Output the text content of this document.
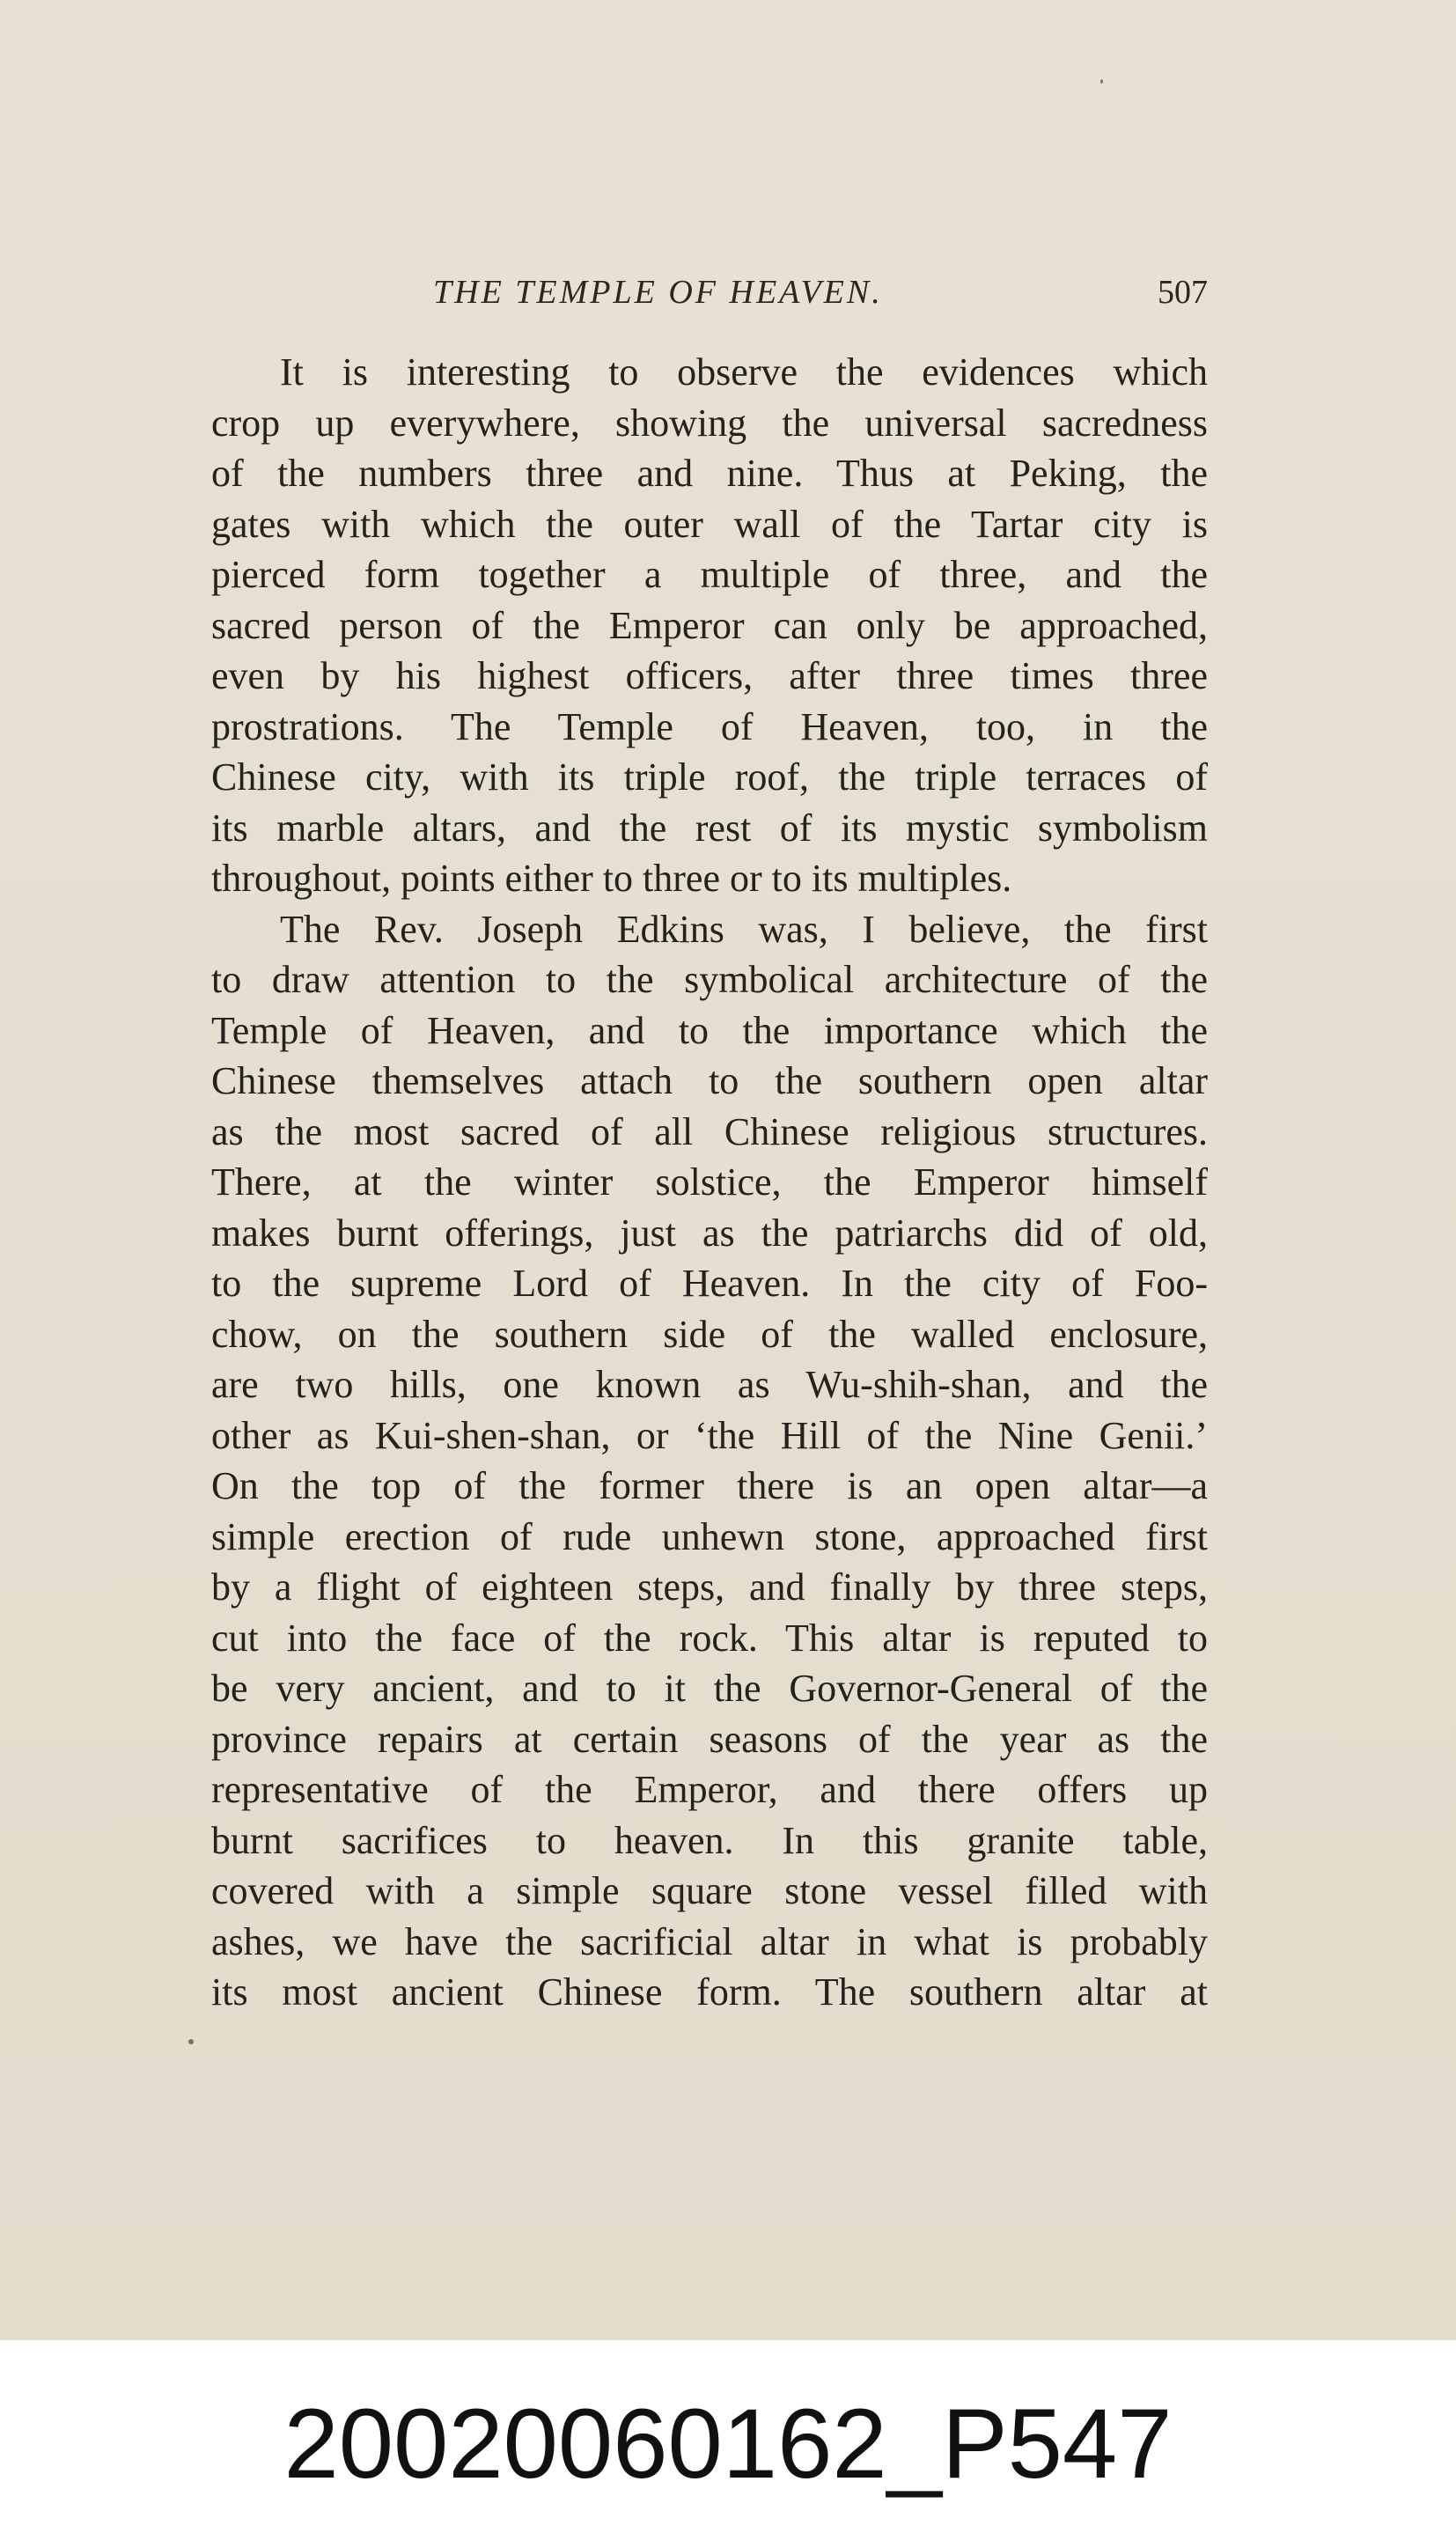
THE TEMPLE OF HEAVEN.	507
It is interesting to observe the evidences which
crop up everywhere, showing the universal sacredness
of the numbers three and nine. Thus at Peking, the
gates with which the outer wall of the Tartar city is
pierced form together a multiple of three, and the
sacred person of the Emperor can only be approached,
even by his highest officers, after three times three
prostrations. The Temple of Heaven, too, in the
Chinese city, with its triple roof, the triple terraces of
its marble altars, and the rest of its mystic symbolism
throughout, points either to three or to its multiples.
The Rev. Joseph Edkins was, I believe, the first
to draw attention to the symbolical architecture of the
Temple of Heaven, and to the importance which the
Chinese themselves attach to the southern open altar
as the most sacred of all Chinese religious structures.
There, at the winter solstice, the Emperor himself
makes burnt offerings, just as the patriarchs did of old,
to the supreme Lord of Heaven. In the city of Foo-
chow, on the southern side of the walled enclosure,
are two hills, one known as Wu-shih-shan, and the
other as Kui-shen-shan, or ‘the Hill of the Nine Genii.’
On the top of the former there is an open altar—a
simple erection of rude unhewn stone, approached first
by a flight of eighteen steps, and finally by three steps,
cut into the face of the rock. This altar is reputed to
be very ancient, and to it the Governor-General of the
province repairs at certain seasons of the year as the
representative of the Emperor, and there offers up
burnt sacrifices to heaven. In this granite table,
covered with a simple square stone vessel filled with
ashes, we have the sacrificial altar in what is probably
its most ancient Chinese form. The southern altar at
20020060162_P547
